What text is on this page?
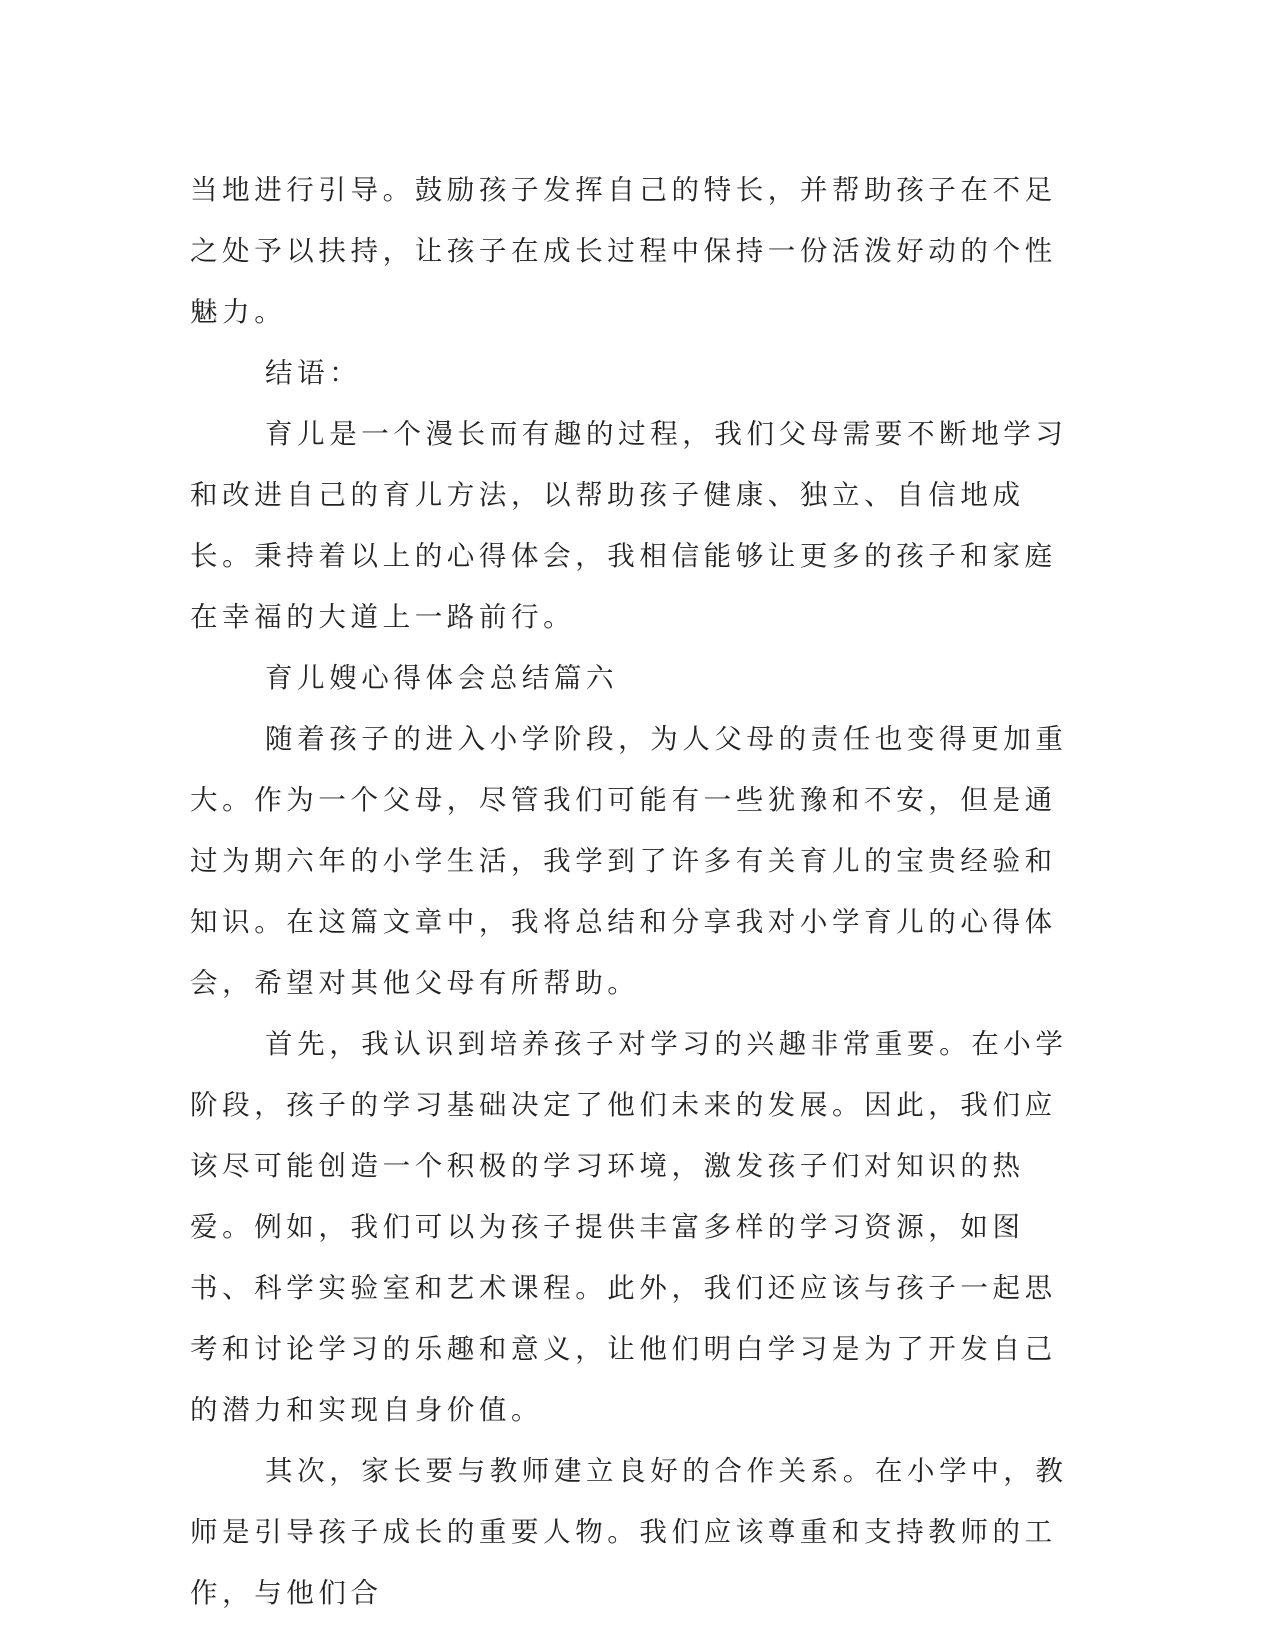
当地进行引导。鼓励孩子发挥自己的特长，并帮助孩子在不足之处予以扶持，让孩子在成长过程中保持一份活泼好动的个性魅力。

结语：

育儿是一个漫长而有趣的过程，我们父母需要不断地学习和改进自己的育儿方法，以帮助孩子健康、独立、自信地成长。秉持着以上的心得体会，我相信能够让更多的孩子和家庭在幸福的大道上一路前行。

育儿嫂心得体会总结篇六

随着孩子的进入小学阶段，为人父母的责任也变得更加重大。作为一个父母，尽管我们可能有一些犹豫和不安，但是通过为期六年的小学生活，我学到了许多有关育儿的宝贵经验和知识。在这篇文章中，我将总结和分享我对小学育儿的心得体会，希望对其他父母有所帮助。

首先，我认识到培养孩子对学习的兴趣非常重要。在小学阶段，孩子的学习基础决定了他们未来的发展。因此，我们应该尽可能创造一个积极的学习环境，激发孩子们对知识的热爱。例如，我们可以为孩子提供丰富多样的学习资源，如图书、科学实验室和艺术课程。此外，我们还应该与孩子一起思考和讨论学习的乐趣和意义，让他们明白学习是为了开发自己的潜力和实现自身价值。

其次，家长要与教师建立良好的合作关系。在小学中，教师是引导孩子成长的重要人物。我们应该尊重和支持教师的工作，与他们合
